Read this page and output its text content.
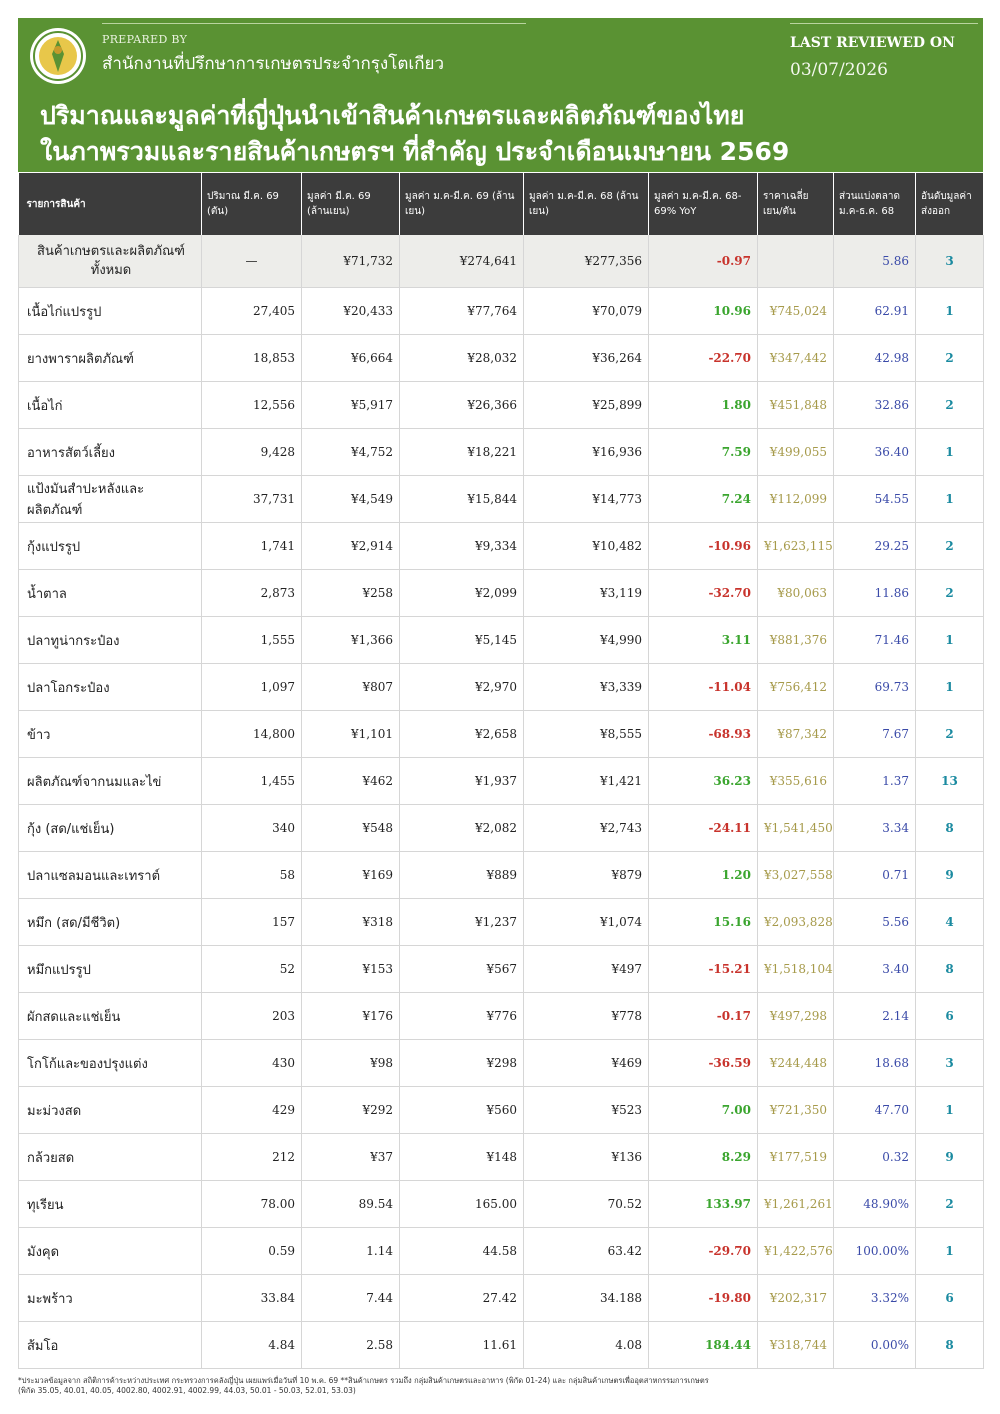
PREPARED BY
สำนักงานที่ปรึกษาการเกษตรประจำกรุงโตเกียว
LAST REVIEWED ON
03/07/2026
ปริมาณและมูลค่าที่ญี่ปุ่นนำเข้าสินค้าเกษตรและผลิตภัณฑ์ของไทย
ในภาพรวมและรายสินค้าเกษตรฯ ที่สำคัญ ประจำเดือนเมษายน 2569
รายการสินค้า	ปริมาณ มี.ค. 69 (ตัน)	มูลค่า มี.ค. 69 (ล้านเยน)	มูลค่า ม.ค-มี.ค. 69 (ล้านเยน)	มูลค่า ม.ค-มี.ค. 68 (ล้านเยน)	มูลค่า ม.ค-มี.ค. 68-69% YoY	ราคาเฉลี่ย เยน/ตัน	ส่วนแบ่งตลาด ม.ค-ธ.ค. 68	อันดับมูลค่าส่งออก
สินค้าเกษตรและผลิตภัณฑ์
ทั้งหมด	—	¥71,732	¥274,641	¥277,356	-0.97		5.86	3
เนื้อไก่แปรรูป	27,405	¥20,433	¥77,764	¥70,079	10.96	¥745,024	62.91	1
ยางพาราผลิตภัณฑ์	18,853	¥6,664	¥28,032	¥36,264	-22.70	¥347,442	42.98	2
เนื้อไก่	12,556	¥5,917	¥26,366	¥25,899	1.80	¥451,848	32.86	2
อาหารสัตว์เลี้ยง	9,428	¥4,752	¥18,221	¥16,936	7.59	¥499,055	36.40	1
แป้งมันสำปะหลังและผลิตภัณฑ์	37,731	¥4,549	¥15,844	¥14,773	7.24	¥112,099	54.55	1
กุ้งแปรรูป	1,741	¥2,914	¥9,334	¥10,482	-10.96	¥1,623,115	29.25	2
น้ำตาล	2,873	¥258	¥2,099	¥3,119	-32.70	¥80,063	11.86	2
ปลาทูน่ากระป๋อง	1,555	¥1,366	¥5,145	¥4,990	3.11	¥881,376	71.46	1
ปลาโอกระป๋อง	1,097	¥807	¥2,970	¥3,339	-11.04	¥756,412	69.73	1
ข้าว	14,800	¥1,101	¥2,658	¥8,555	-68.93	¥87,342	7.67	2
ผลิตภัณฑ์จากนมและไข่	1,455	¥462	¥1,937	¥1,421	36.23	¥355,616	1.37	13
กุ้ง (สด/แช่เย็น)	340	¥548	¥2,082	¥2,743	-24.11	¥1,541,450	3.34	8
ปลาแซลมอนและเทราต์	58	¥169	¥889	¥879	1.20	¥3,027,558	0.71	9
หมึก (สด/มีชีวิต)	157	¥318	¥1,237	¥1,074	15.16	¥2,093,828	5.56	4
หมึกแปรรูป	52	¥153	¥567	¥497	-15.21	¥1,518,104	3.40	8
ผักสดและแช่เย็น	203	¥176	¥776	¥778	-0.17	¥497,298	2.14	6
โกโก้และของปรุงแต่ง	430	¥98	¥298	¥469	-36.59	¥244,448	18.68	3
มะม่วงสด	429	¥292	¥560	¥523	7.00	¥721,350	47.70	1
กล้วยสด	212	¥37	¥148	¥136	8.29	¥177,519	0.32	9
ทุเรียน	78.00	89.54	165.00	70.52	133.97	¥1,261,261	48.90%	2
มังคุด	0.59	1.14	44.58	63.42	-29.70	¥1,422,576	100.00%	1
มะพร้าว	33.84	7.44	27.42	34.188	-19.80	¥202,317	3.32%	6
ส้มโอ	4.84	2.58	11.61	4.08	184.44	¥318,744	0.00%	8
*ประมวลข้อมูลจาก สถิติการค้าระหว่างประเทศ กระทรวงการคลังญี่ปุ่น เผยแพร่เมื่อวันที่ 10 พ.ค. 69 **สินค้าเกษตร รวมถึง กลุ่มสินค้าเกษตรและอาหาร (พิกัด 01-24) และ กลุ่มสินค้าเกษตรเพื่ออุตสาหกรรมการเกษตร
(พิกัด 35.05, 40.01, 40.05, 4002.80, 4002.91, 4002.99, 44.03, 50.01 - 50.03, 52.01, 53.03)
